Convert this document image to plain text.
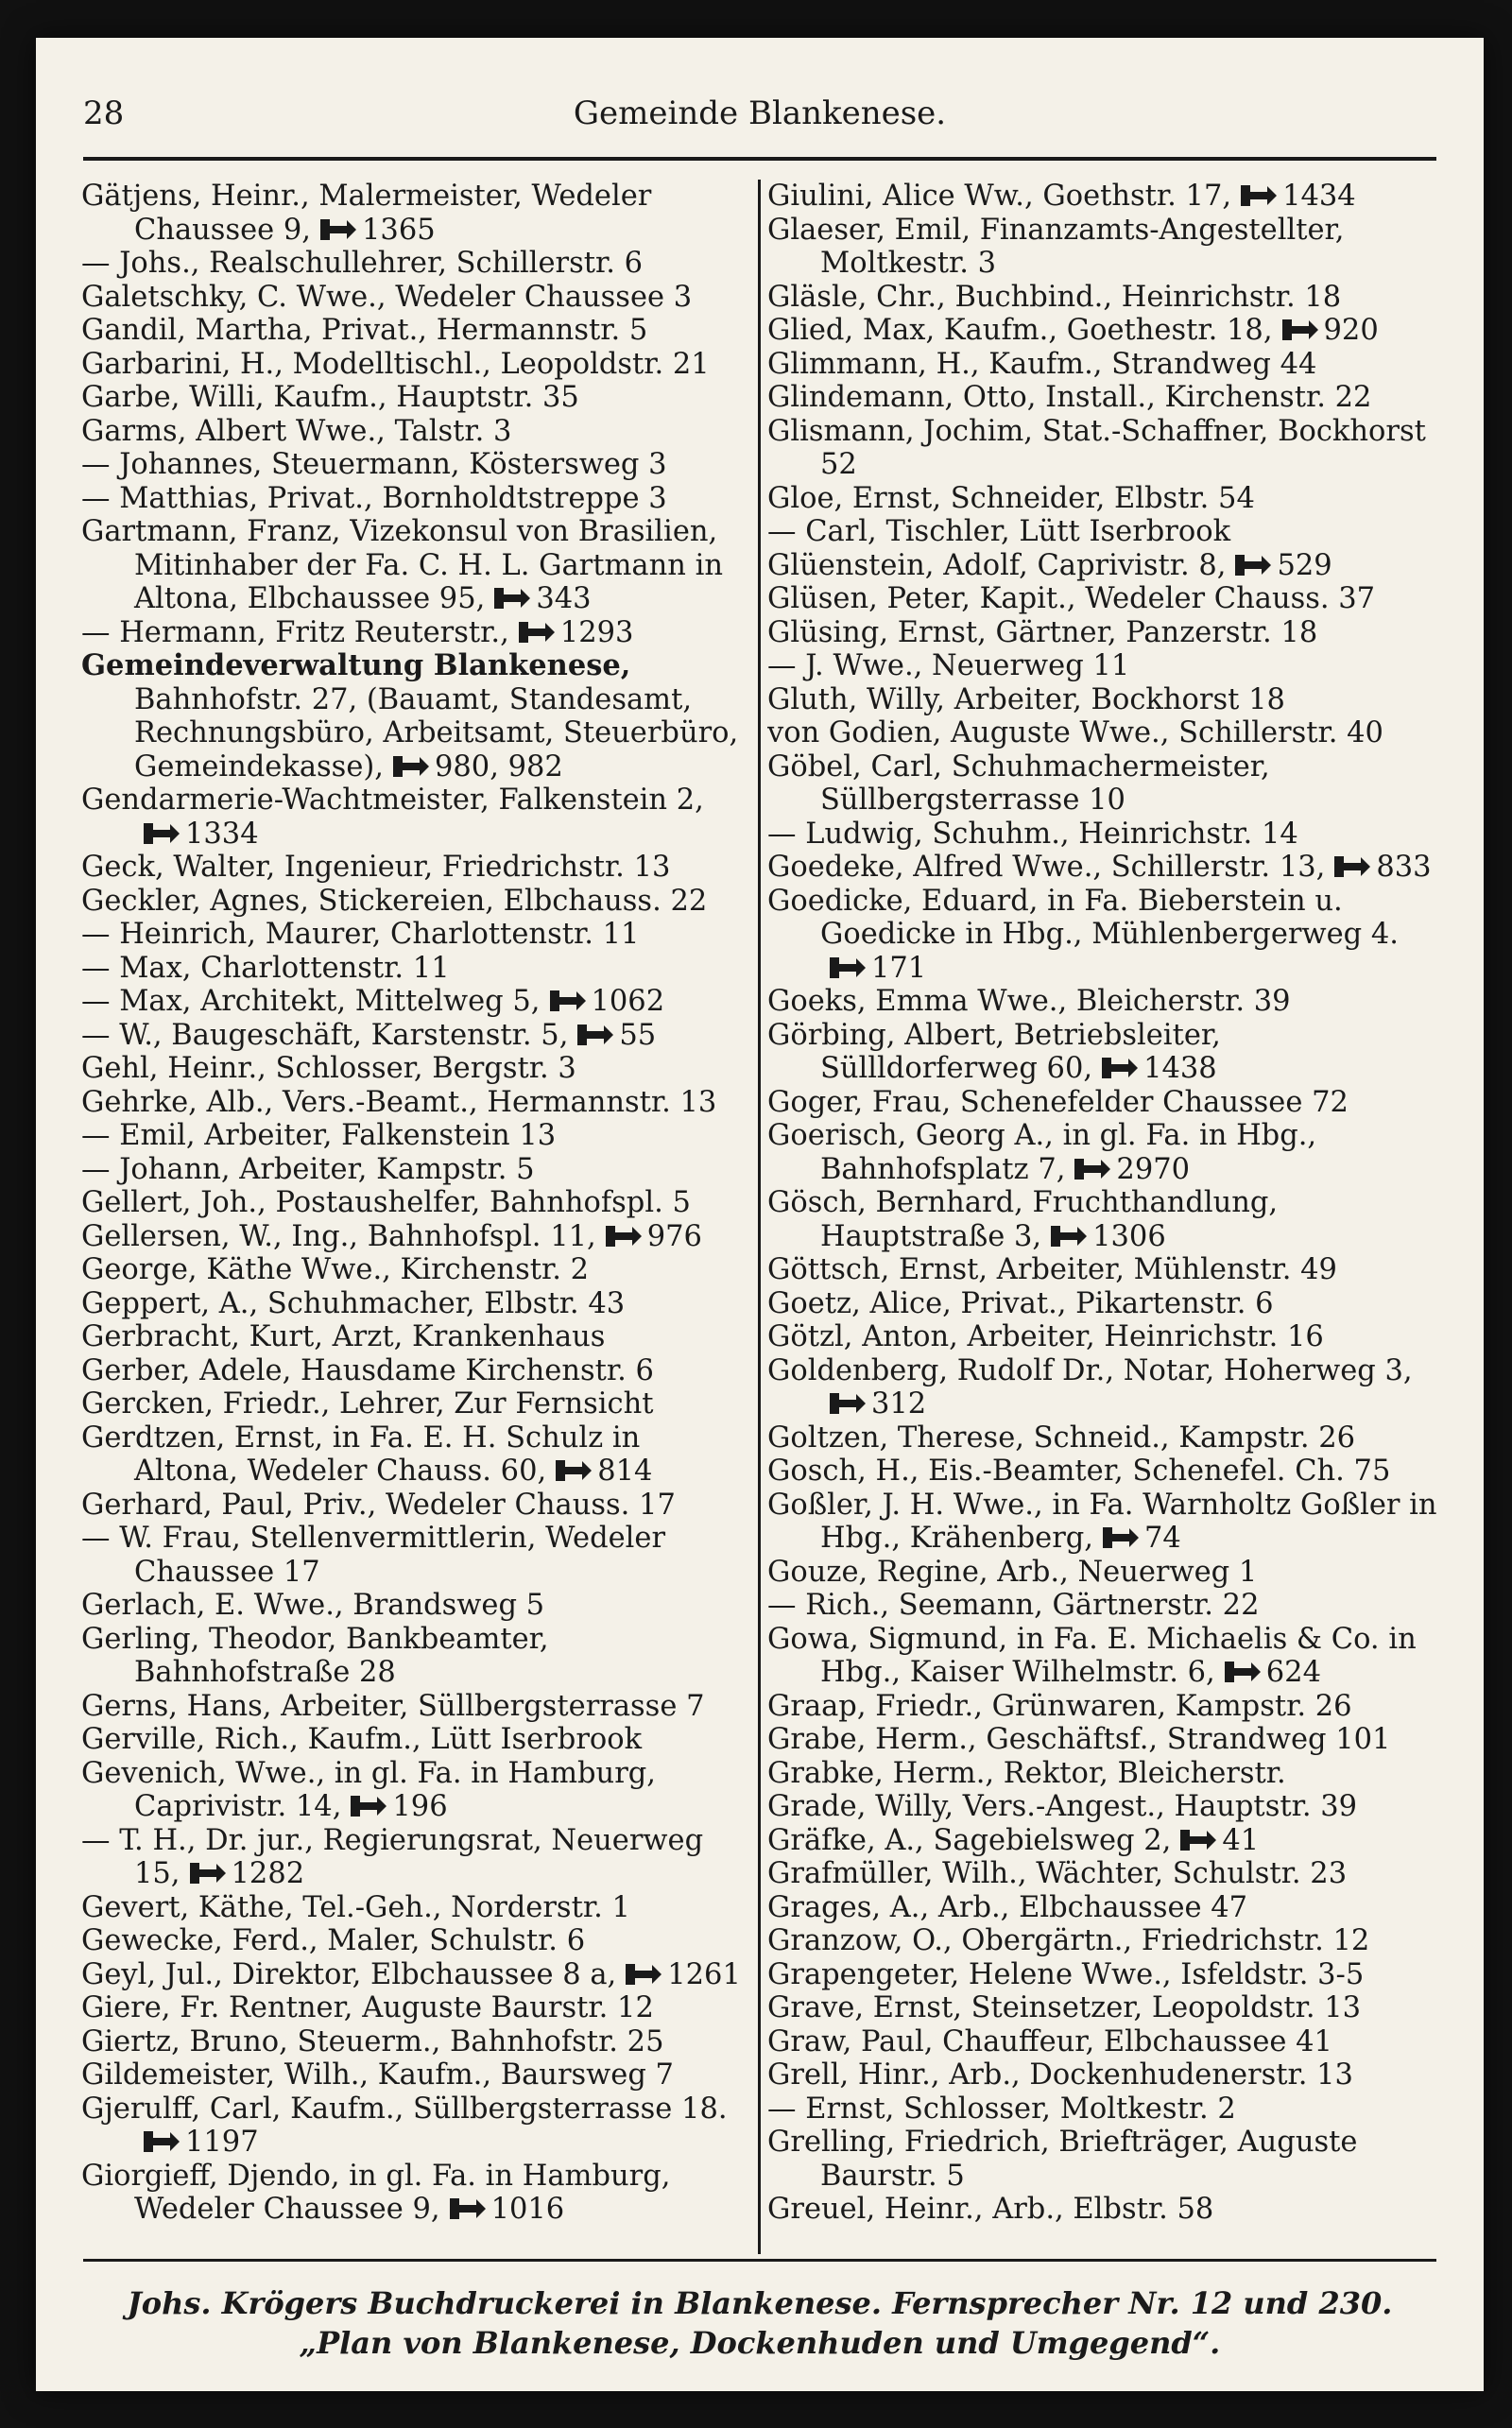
28	Gemeinde Blankenese.

Gätjens, Heinr., Malermeister, Wedeler Chaussee 9, 1365

— Johs., Realschullehrer, Schillerstr. 6

Galetschky, C. Wwe., Wedeler Chaussee 3

Gandil, Martha, Privat., Hermannstr. 5

Garbarini, H., Modelltischl., Leopoldstr. 21

Garbe, Willi, Kaufm., Hauptstr. 35

Garms, Albert Wwe., Talstr. 3

— Johannes, Steuermann, Köstersweg 3

— Matthias, Privat., Bornholdtstreppe 3

Gartmann, Franz, Vizekonsul von Brasilien, Mitinhaber der Fa. C. H. L. Gartmann in Altona, Elbchaussee 95, 343

— Hermann, Fritz Reuterstr., 1293

Gemeindeverwaltung Blankenese, Bahnhofstr. 27, (Bauamt, Standesamt, Rechnungsbüro, Arbeitsamt, Steuerbüro, Gemeindekasse), 980, 982

Gendarmerie-Wachtmeister, Falkenstein 2,
1334

Geck, Walter, Ingenieur, Friedrichstr. 13

Geckler, Agnes, Stickereien, Elbchauss. 22

— Heinrich, Maurer, Charlottenstr. 11

— Max, Charlottenstr. 11

— Max, Architekt, Mittelweg 5, 1062

— W., Baugeschäft, Karstenstr. 5, 55

Gehl, Heinr., Schlosser, Bergstr. 3

Gehrke, Alb., Vers.-Beamt., Hermannstr. 13

— Emil, Arbeiter, Falkenstein 13

— Johann, Arbeiter, Kampstr. 5

Gellert, Joh., Postaushelfer, Bahnhofspl. 5

Gellersen, W., Ing., Bahnhofspl. 11, 976

George, Käthe Wwe., Kirchenstr. 2

Geppert, A., Schuhmacher, Elbstr. 43

Gerbracht, Kurt, Arzt, Krankenhaus

Gerber, Adele, Hausdame Kirchenstr. 6

Gercken, Friedr., Lehrer, Zur Fernsicht

Gerdtzen, Ernst, in Fa. E. H. Schulz in Altona, Wedeler Chauss. 60, 814

Gerhard, Paul, Priv., Wedeler Chauss. 17

— W. Frau, Stellenvermittlerin, Wedeler Chaussee 17

Gerlach, E. Wwe., Brandsweg 5

Gerling, Theodor, Bankbeamter, Bahnhofstraße 28

Gerns, Hans, Arbeiter, Süllbergsterrasse 7

Gerville, Rich., Kaufm., Lütt Iserbrook

Gevenich, Wwe., in gl. Fa. in Hamburg, Caprivistr. 14, 196

— T. H., Dr. jur., Regierungsrat, Neuerweg 15, 1282

Gevert, Käthe, Tel.-Geh., Norderstr. 1

Gewecke, Ferd., Maler, Schulstr. 6

Geyl, Jul., Direktor, Elbchaussee 8 a, 1261

Giere, Fr. Rentner, Auguste Baurstr. 12

Giertz, Bruno, Steuerm., Bahnhofstr. 25

Gildemeister, Wilh., Kaufm., Baursweg 7

Gjerulff, Carl, Kaufm., Süllbergsterrasse 18.
1197

Giorgieff, Djendo, in gl. Fa. in Hamburg, Wedeler Chaussee 9, 1016

Giulini, Alice Ww., Goethstr. 17, 1434

Glaeser, Emil, Finanzamts-Angestellter, Moltkestr. 3

Gläsle, Chr., Buchbind., Heinrichstr. 18

Glied, Max, Kaufm., Goethestr. 18, 920

Glimmann, H., Kaufm., Strandweg 44

Glindemann, Otto, Install., Kirchenstr. 22

Glismann, Jochim, Stat.-Schaffner, Bockhorst 52

Gloe, Ernst, Schneider, Elbstr. 54

— Carl, Tischler, Lütt Iserbrook

Glüenstein, Adolf, Caprivistr. 8, 529

Glüsen, Peter, Kapit., Wedeler Chauss. 37

Glüsing, Ernst, Gärtner, Panzerstr. 18

— J. Wwe., Neuerweg 11

Gluth, Willy, Arbeiter, Bockhorst 18

von Godien, Auguste Wwe., Schillerstr. 40

Göbel, Carl, Schuhmachermeister, Süllbergsterrasse 10

— Ludwig, Schuhm., Heinrichstr. 14

Goedeke, Alfred Wwe., Schillerstr. 13, 833

Goedicke, Eduard, in Fa. Bieberstein u. Goedicke in Hbg., Mühlenbergerweg 4.
171

Goeks, Emma Wwe., Bleicherstr. 39

Görbing, Albert, Betriebsleiter, Süllldorferweg 60, 1438

Goger, Frau, Schenefelder Chaussee 72

Goerisch, Georg A., in gl. Fa. in Hbg., Bahnhofsplatz 7, 2970

Gösch, Bernhard, Fruchthandlung, Hauptstraße 3, 1306

Göttsch, Ernst, Arbeiter, Mühlenstr. 49

Goetz, Alice, Privat., Pikartenstr. 6

Götzl, Anton, Arbeiter, Heinrichstr. 16

Goldenberg, Rudolf Dr., Notar, Hoherweg 3,
312

Goltzen, Therese, Schneid., Kampstr. 26

Gosch, H., Eis.-Beamter, Schenefel. Ch. 75

Goßler, J. H. Wwe., in Fa. Warnholtz Goßler in Hbg., Krähenberg, 74

Gouze, Regine, Arb., Neuerweg 1

— Rich., Seemann, Gärtnerstr. 22

Gowa, Sigmund, in Fa. E. Michaelis & Co. in Hbg., Kaiser Wilhelmstr. 6, 624

Graap, Friedr., Grünwaren, Kampstr. 26

Grabe, Herm., Geschäftsf., Strandweg 101

Grabke, Herm., Rektor, Bleicherstr.

Grade, Willy, Vers.-Angest., Hauptstr. 39

Gräfke, A., Sagebielsweg 2, 41

Grafmüller, Wilh., Wächter, Schulstr. 23

Grages, A., Arb., Elbchaussee 47

Granzow, O., Obergärtn., Friedrichstr. 12

Grapengeter, Helene Wwe., Isfeldstr. 3-5

Grave, Ernst, Steinsetzer, Leopoldstr. 13

Graw, Paul, Chauffeur, Elbchaussee 41

Grell, Hinr., Arb., Dockenhudenerstr. 13

— Ernst, Schlosser, Moltkestr. 2

Grelling, Friedrich, Briefträger, Auguste Baurstr. 5

Greuel, Heinr., Arb., Elbstr. 58

Johs. Krögers Buchdruckerei in Blankenese. Fernsprecher Nr. 12 und 230.
„Plan von Blankenese, Dockenhuden und Umgegend“.
